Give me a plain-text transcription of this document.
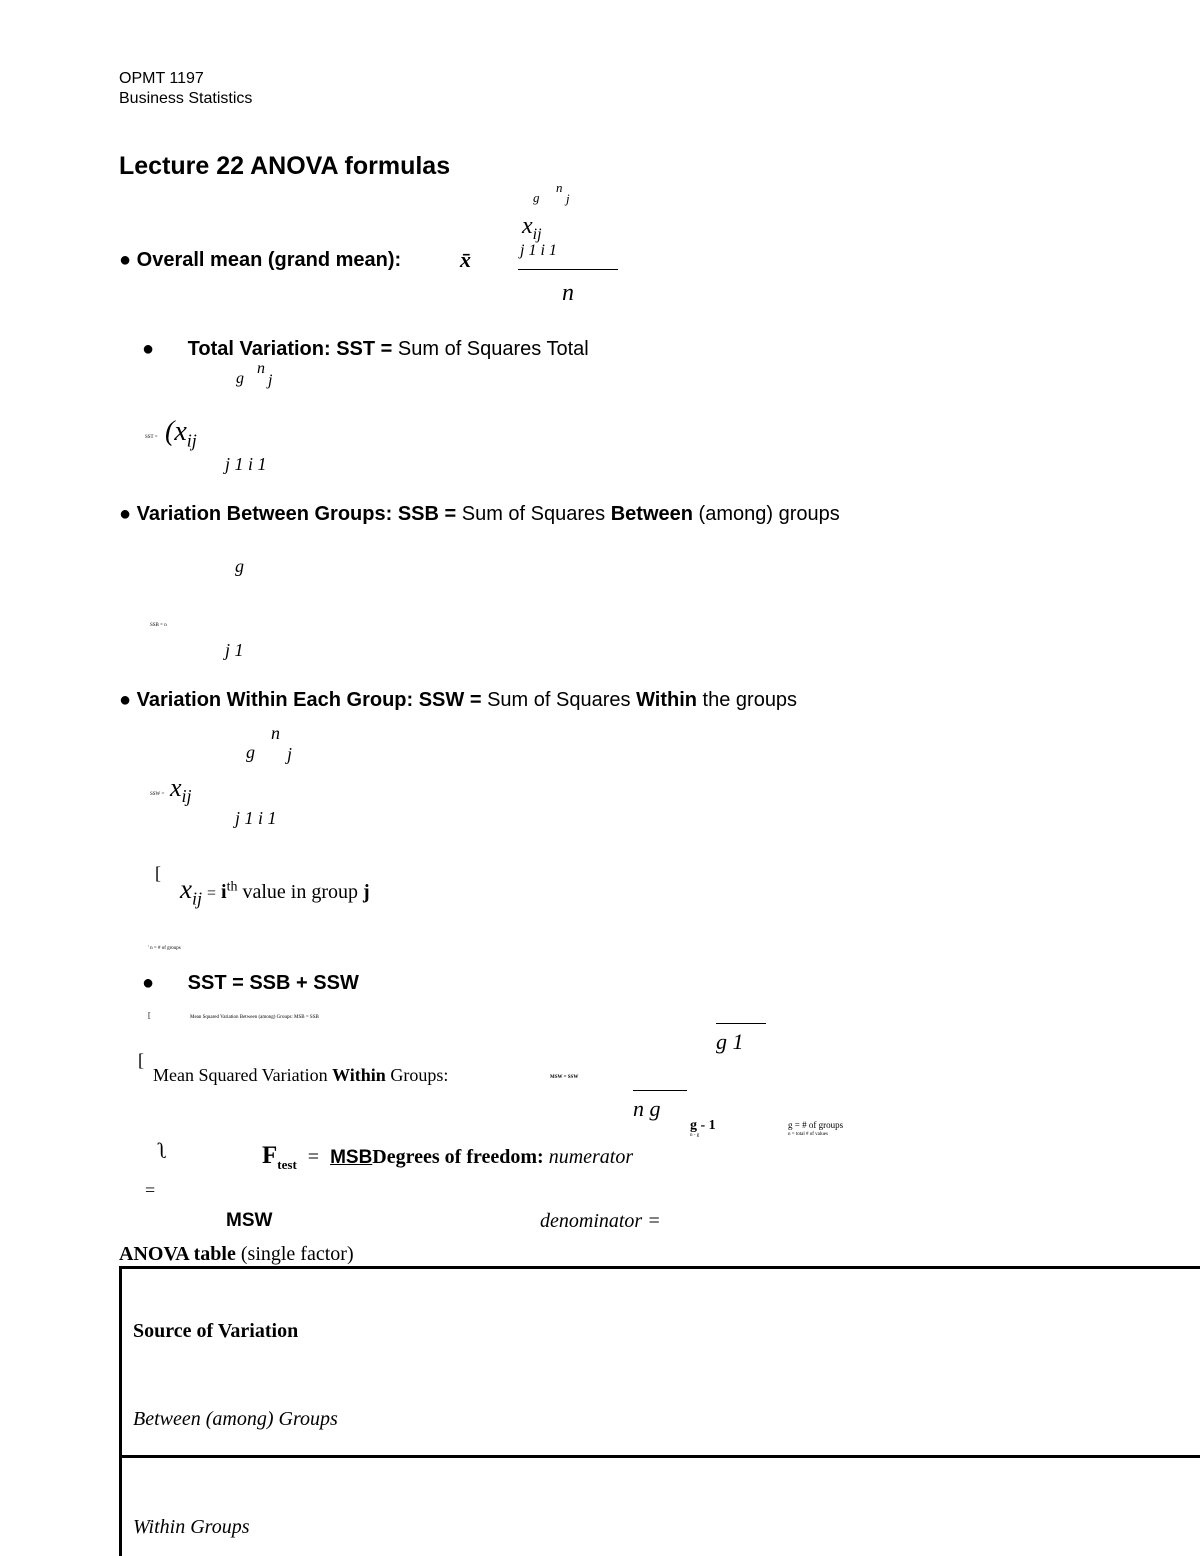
OPMT 1197
Business Statistics
Lecture 22 ANOVA formulas
g
n
j
$x_{ij}$
j 1 i 1
n
● Overall mean (grand mean):	x̄
● Total Variation: SST = Sum of Squares Total
g
n
j
SST = ($x_{ij}$
j 1 i 1
● Variation Between Groups: SSB = Sum of Squares Between (among) groups
g
SSB = n
j 1
● Variation Within Each Group: SSW = Sum of Squares Within the groups
n
g j
SSW = $x_{ij}$
j 1 i 1
[
$x_{ij} = i^{th}$ value in group j
' n = # of groups
● SST = SSB + SSW
Mean Squared Variation Between (among) Groups: MSB = SSB
[
g 1
[
Mean Squared Variation Within Groups:	MSW = SSW
n g
g - 1
n - g
g = # of groups
n = total # of values
ʅ	$F_{test}$ = MSBDegrees of freedom: numerator
=
MSW	denominator =
ANOVA table (single factor)
Source of Variation
Between (among) Groups
Within Groups
